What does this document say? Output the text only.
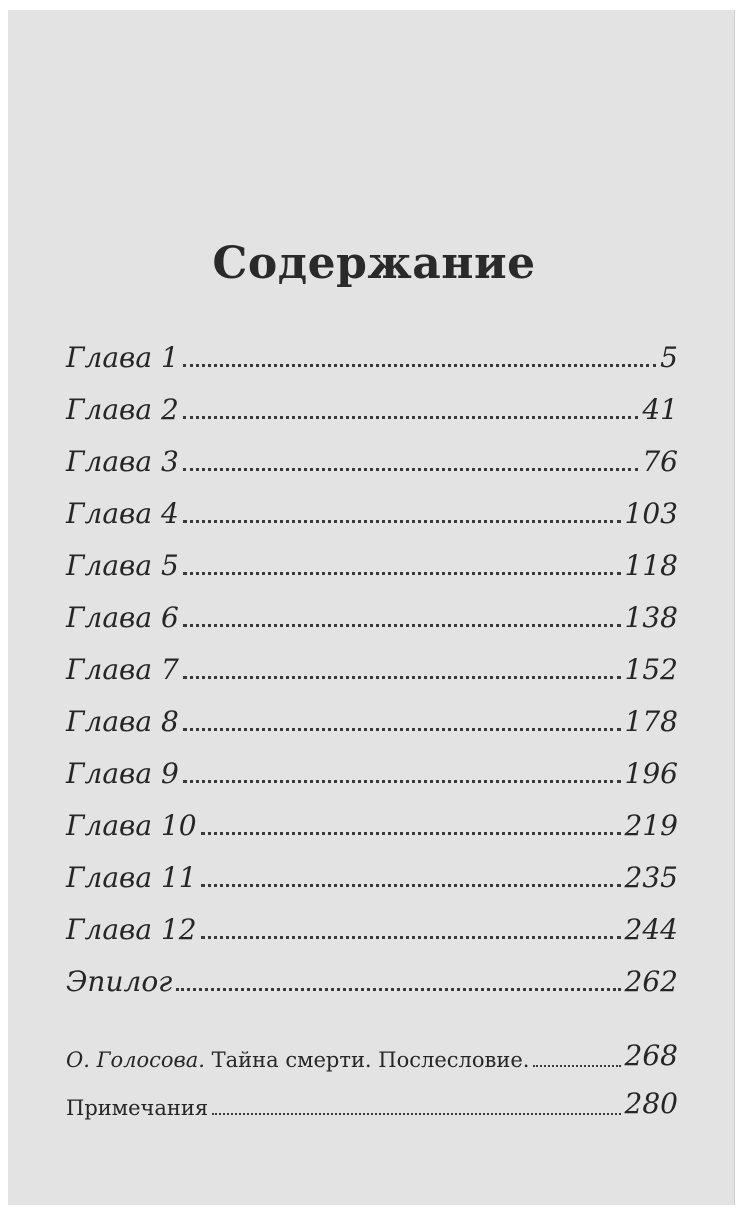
Содержание
Глава 1	5
Глава 2	41
Глава 3	76
Глава 4	103
Глава 5	118
Глава 6	138
Глава 7	152
Глава 8	178
Глава 9	196
Глава 10	219
Глава 11	235
Глава 12	244
Эпилог	262
О. Голосова. Тайна смерти. Послесловие.	268
Примечания	280
